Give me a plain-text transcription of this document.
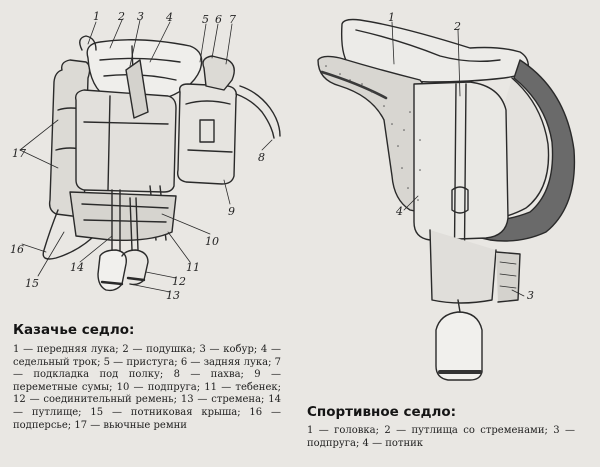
1 2 3 4	5 6 7
8
9
10
11
12
13
14
15
16
17
1
2
3
4
Казачье седло:
1 — передняя лука; 2 — подушка; 3 — кобур; 4 — седельный трок; 5 — пристуга; 6 — задняя лука; 7 — подкладка под полку; 8 — пахва; 9 — переметные сумы; 10 — подпруга; 11 — тебенек; 12 — соединительный ремень; 13 — стремена; 14 — путлище; 15 — потниковая крыша; 16 — подперсье; 17 — вьючные ремни
Спортивное седло:
1 — головка; 2 — путлища со стременами; 3 — подпруга; 4 — потник
